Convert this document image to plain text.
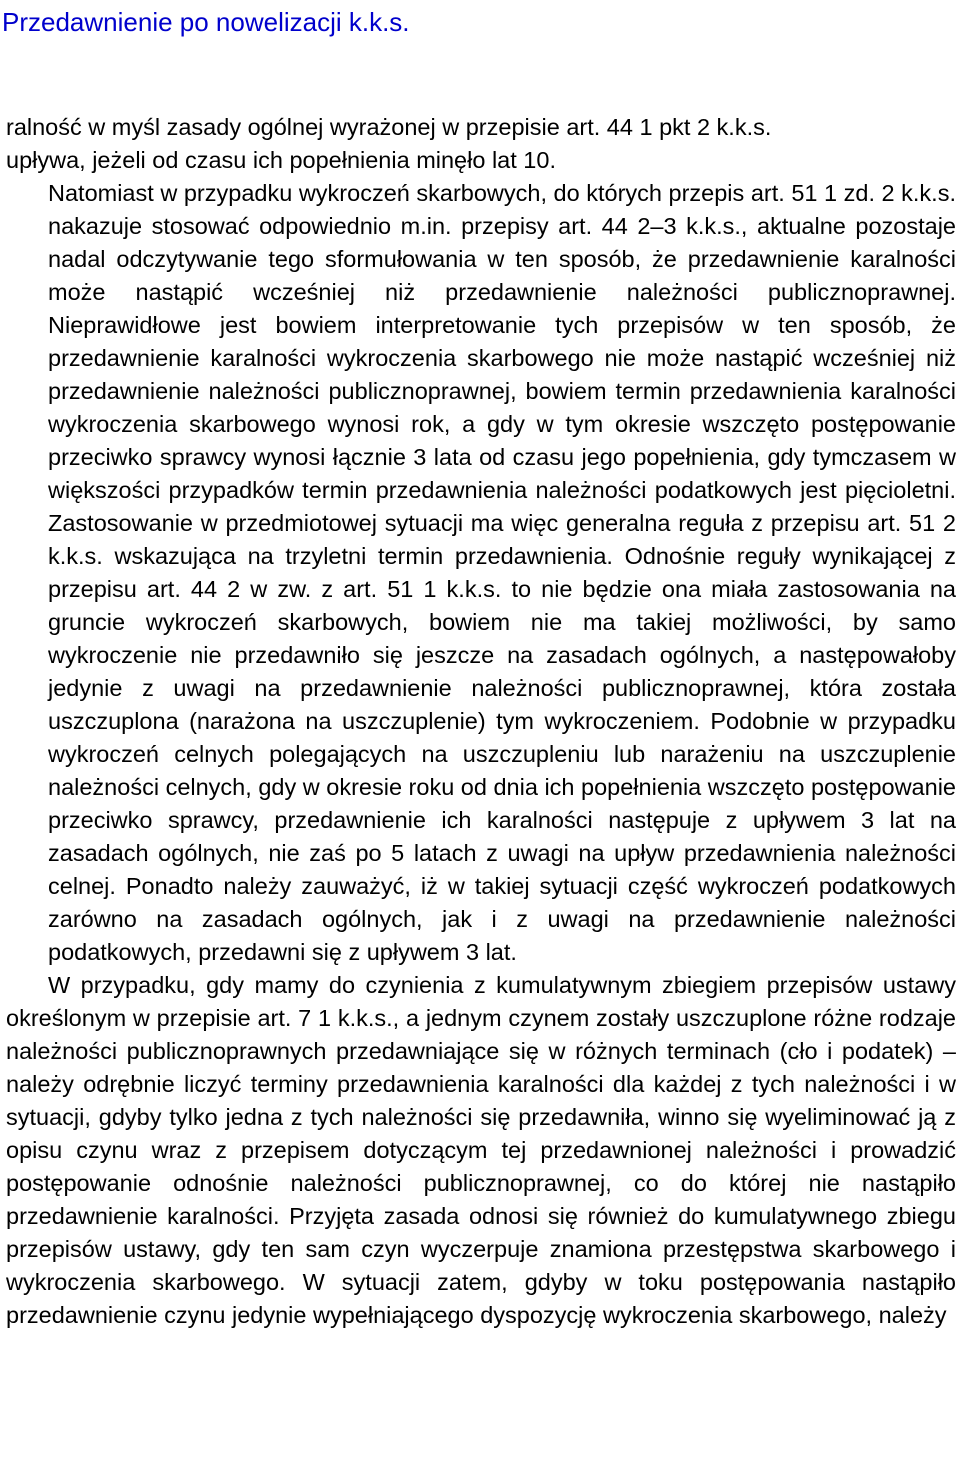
Przedawnienie po nowelizacji k.k.s.

ralność w myśl zasady ogólnej wyrażonej w przepisie art. 44 1 pkt 2 k.k.s.
upływa, jeżeli od czasu ich popełnienia minęło lat 10.

Natomiast w przypadku wykroczeń skarbowych, do których przepis art. 51 1 zd. 2 k.k.s. nakazuje stosować odpowiednio m.in. przepisy art. 44 2–3 k.k.s., aktualne pozostaje nadal odczytywanie tego sformułowania w ten sposób, że przedawnienie karalności może nastąpić wcześniej niż przedawnienie należności publicznoprawnej. Nieprawidłowe jest bowiem interpretowanie tych przepisów w ten sposób, że przedawnienie karalności wykroczenia skarbowego nie może nastąpić wcześniej niż przedawnienie należności publicznoprawnej, bowiem termin przedawnienia karalności wykroczenia skarbowego wynosi rok, a gdy w tym okresie wszczęto postępowanie przeciwko sprawcy wynosi łącznie 3 lata od czasu jego popełnienia, gdy tymczasem w większości przypadków termin przedawnienia należności podatkowych jest pięcioletni. Zastosowanie w przedmiotowej sytuacji ma więc generalna reguła z przepisu art. 51 2 k.k.s. wskazująca na trzyletni termin przedawnienia. Odnośnie reguły wynikającej z przepisu art. 44 2 w zw. z art. 51 1 k.k.s. to nie będzie ona miała zastosowania na gruncie wykroczeń skarbowych, bowiem nie ma takiej możliwości, by samo wykroczenie nie przedawniło się jeszcze na zasadach ogólnych, a następowałoby jedynie z uwagi na przedawnienie należności publicznoprawnej, która została uszczuplona (narażona na uszczuplenie) tym wykroczeniem. Podobnie w przypadku wykroczeń celnych polegających na uszczupleniu lub narażeniu na uszczuplenie należności celnych, gdy w okresie roku od dnia ich popełnienia wszczęto postępowanie przeciwko sprawcy, przedawnienie ich karalności następuje z upływem 3 lat na zasadach ogólnych, nie zaś po 5 latach z uwagi na upływ przedawnienia należności celnej. Ponadto należy zauważyć, iż w takiej sytuacji część wykroczeń podatkowych zarówno na zasadach ogólnych, jak i z uwagi na przedawnienie należności podatkowych, przedawni się z upływem 3 lat.

W przypadku, gdy mamy do czynienia z kumulatywnym zbiegiem przepisów ustawy określonym w przepisie art. 7 1 k.k.s., a jednym czynem zostały uszczuplone różne rodzaje należności publicznoprawnych przedawniające się w różnych terminach (cło i podatek) – należy odrębnie liczyć terminy przedawnienia karalności dla każdej z tych należności i w sytuacji, gdyby tylko jedna z tych należności się przedawniła, winno się wyeliminować ją z opisu czynu wraz z przepisem dotyczącym tej przedawnionej należności i prowadzić postępowanie odnośnie należności publicznoprawnej, co do której nie nastąpiło przedawnienie karalności. Przyjęta zasada odnosi się również do kumulatywnego zbiegu przepisów ustawy, gdy ten sam czyn wyczerpuje znamiona przestępstwa skarbowego i wykroczenia skarbowego. W sytuacji zatem, gdyby w toku postępowania nastąpiło przedawnienie czynu jedynie wypełniającego dyspozycję wykroczenia skarbowego, należy
